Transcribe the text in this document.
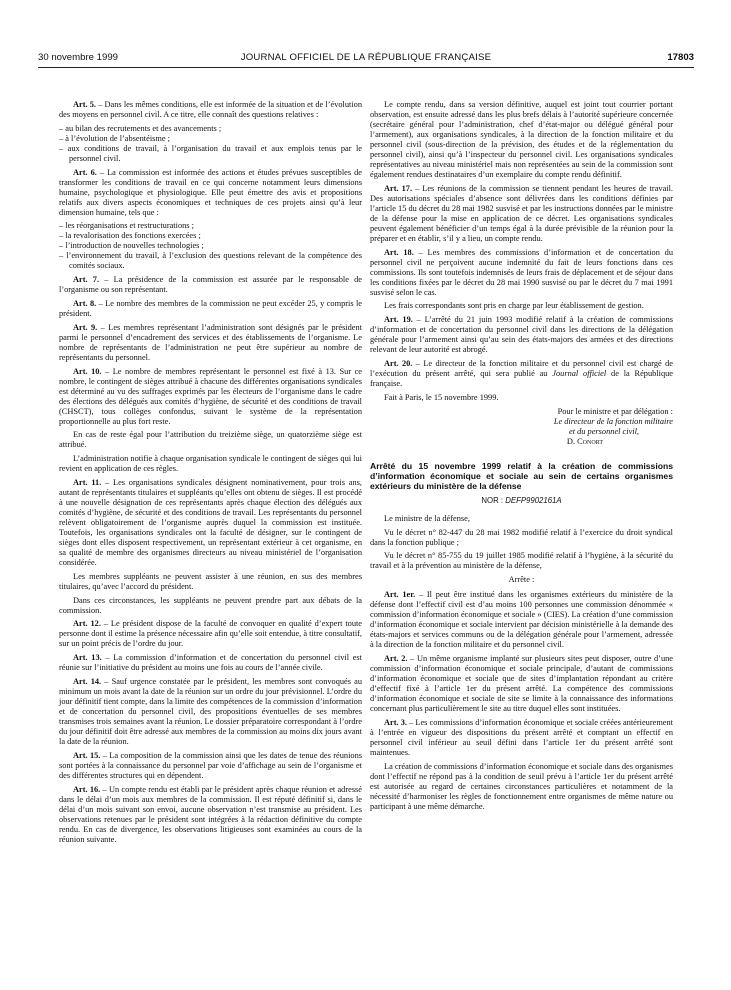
30 novembre 1999	JOURNAL OFFICIEL DE LA RÉPUBLIQUE FRANÇAISE	17803

Art. 5. – Dans les mêmes conditions, elle est informée de la situation et de l’évolution des moyens en personnel civil. A ce titre, elle connaît des questions relatives :

– au bilan des recrutements et des avancements ;
– à l’évolution de l’absentéisme ;
– aux conditions de travail, à l’organisation du travail et aux emplois tenus par le personnel civil.

Art. 6. – La commission est informée des actions et études prévues susceptibles de transformer les conditions de travail en ce qui concerne notamment leurs dimensions humaine, psychologique et physiologique. Elle peut émettre des avis et propositions relatifs aux divers aspects économiques et techniques de ces projets ainsi qu’à leur dimension humaine, tels que :

– les réorganisations et restructurations ;
– la revalorisation des fonctions exercées ;
– l’introduction de nouvelles technologies ;
– l’environnement du travail, à l’exclusion des questions relevant de la compétence des comités sociaux.

Art. 7. – La présidence de la commission est assurée par le responsable de l’organisme ou son représentant.

Art. 8. – Le nombre des membres de la commission ne peut excéder 25, y compris le président.

Art. 9. – Les membres représentant l’administration sont désignés par le président parmi le personnel d’encadrement des services et des établissements de l’organisme. Le nombre de représentants de l’administration ne peut être supérieur au nombre de représentants du personnel.

Art. 10. – Le nombre de membres représentant le personnel est fixé à 13. Sur ce nombre, le contingent de sièges attribué à chacune des différentes organisations syndicales est déterminé au vu des suffrages exprimés par les électeurs de l’organisme dans le cadre des élections des délégués aux comités d’hygiène, de sécurité et des conditions de travail (CHSCT), tous collèges confondus, suivant le système de la représentation proportionnelle au plus fort reste.

En cas de reste égal pour l’attribution du treizième siège, un quatorzième siège est attribué.

L’administration notifie à chaque organisation syndicale le contingent de sièges qui lui revient en application de ces règles.

Art. 11. – Les organisations syndicales désignent nominativement, pour trois ans, autant de représentants titulaires et suppléants qu’elles ont obtenu de sièges. Il est procédé à une nouvelle désignation de ces représentants après chaque élection des délégués aux comités d’hygiène, de sécurité et des conditions de travail. Les représentants du personnel relèvent obligatoirement de l’organisme auprès duquel la commission est instituée. Toutefois, les organisations syndicales ont la faculté de désigner, sur le contingent de sièges dont elles disposent respectivement, un représentant extérieur à cet organisme, en sa qualité de membre des organismes directeurs au niveau ministériel de l’organisation considérée.

Les membres suppléants ne peuvent assister à une réunion, en sus des membres titulaires, qu’avec l’accord du président.

Dans ces circonstances, les suppléants ne peuvent prendre part aux débats de la commission.

Art. 12. – Le président dispose de la faculté de convoquer en qualité d’expert toute personne dont il estime la présence nécessaire afin qu’elle soit entendue, à titre consultatif, sur un point précis de l’ordre du jour.

Art. 13. – La commission d’information et de concertation du personnel civil est réunie sur l’initiative du président au moins une fois au cours de l’année civile.

Art. 14. – Sauf urgence constatée par le président, les membres sont convoqués au minimum un mois avant la date de la réunion sur un ordre du jour prévisionnel. L’ordre du jour définitif tient compte, dans la limite des compétences de la commission d’information et de concertation du personnel civil, des propositions éventuelles de ses membres transmises trois semaines avant la réunion. Le dossier préparatoire correspondant à l’ordre du jour définitif doit être adressé aux membres de la commission au moins dix jours avant la date de la réunion.

Art. 15. – La composition de la commission ainsi que les dates de tenue des réunions sont portées à la connaissance du personnel par voie d’affichage au sein de l’organisme et des différentes structures qui en dépendent.

Art. 16. – Un compte rendu est établi par le président après chaque réunion et adressé dans le délai d’un mois aux membres de la commission. Il est réputé définitif si, dans le délai d’un mois suivant son envoi, aucune observation n’est transmise au président. Les observations retenues par le président sont intégrées à la rédaction définitive du compte rendu. En cas de divergence, les observations litigieuses sont examinées au cours de la réunion suivante.

Le compte rendu, dans sa version définitive, auquel est joint tout courrier portant observation, est ensuite adressé dans les plus brefs délais à l’autorité supérieure concernée (secrétaire général pour l’administration, chef d’état-major ou délégué général pour l’armement), aux organisations syndicales, à la direction de la fonction militaire et du personnel civil (sous-direction de la prévision, des études et de la réglementation du personnel civil), ainsi qu’à l’inspecteur du personnel civil. Les organisations syndicales représentatives au niveau ministériel mais non représentées au sein de la commission sont également rendues destinataires d’un exemplaire du compte rendu définitif.

Art. 17. – Les réunions de la commission se tiennent pendant les heures de travail. Des autorisations spéciales d’absence sont délivrées dans les conditions définies par l’article 15 du décret du 28 mai 1982 susvisé et par les instructions données par le ministre de la défense pour la mise en application de ce décret. Les organisations syndicales peuvent également bénéficier d’un temps égal à la durée prévisible de la réunion pour la préparer et en établir, s’il y a lieu, un compte rendu.

Art. 18. – Les membres des commissions d’information et de concertation du personnel civil ne perçoivent aucune indemnité du fait de leurs fonctions dans ces commissions. Ils sont toutefois indemnisés de leurs frais de déplacement et de séjour dans les conditions fixées par le décret du 28 mai 1990 susvisé ou par le décret du 7 mai 1991 susvisé selon le cas.

Les frais correspondants sont pris en charge par leur établissement de gestion.

Art. 19. – L’arrêté du 21 juin 1993 modifié relatif à la création de commissions d’information et de concertation du personnel civil dans les directions de la délégation générale pour l’armement ainsi qu’au sein des états-majors des armées et des directions relevant de leur autorité est abrogé.

Art. 20. – Le directeur de la fonction militaire et du personnel civil est chargé de l’exécution du présent arrêté, qui sera publié au Journal officiel de la République française.

Fait à Paris, le 15 novembre 1999.

Pour le ministre et par délégation :

Le directeur de la fonction militaire

et du personnel civil,

D. Conort

Arrêté du 15 novembre 1999 relatif à la création de commissions d’information économique et sociale au sein de certains organismes extérieurs du ministère de la défense

NOR : DEFP9902161A

Le ministre de la défense,

Vu le décret n° 82-447 du 28 mai 1982 modifié relatif à l’exercice du droit syndical dans la fonction publique ;

Vu le décret n° 85-755 du 19 juillet 1985 modifié relatif à l’hygiène, à la sécurité du travail et à la prévention au ministère de la défense,

Arrête :

Art. 1er. – Il peut être institué dans les organismes extérieurs du ministère de la défense dont l’effectif civil est d’au moins 100 personnes une commission dénommée « commission d’information économique et sociale » (CIES). La création d’une commission d’information économique et sociale intervient par décision ministérielle à la demande des états-majors et services communs ou de la délégation générale pour l’armement, adressée à la direction de la fonction militaire et du personnel civil.

Art. 2. – Un même organisme implanté sur plusieurs sites peut disposer, outre d’une commission d’information économique et sociale principale, d’autant de commissions d’information économique et sociale que de sites d’implantation répondant au critère d’effectif fixé à l’article 1er du présent arrêté. La compétence des commissions d’information économique et sociale de site se limite à la connaissance des informations concernant plus particulièrement le site au titre duquel elles sont instituées.

Art. 3. – Les commissions d’information économique et sociale créées antérieurement à l’entrée en vigueur des dispositions du présent arrêté et comptant un effectif en personnel civil inférieur au seuil défini dans l’article 1er du présent arrêté sont maintenues.

La création de commissions d’information économique et sociale dans des organismes dont l’effectif ne répond pas à la condition de seuil prévu à l’article 1er du présent arrêté est autorisée au regard de certaines circonstances particulières et notamment de la nécessité d’harmoniser les règles de fonctionnement entre organismes de même nature ou participant à une même démarche.
